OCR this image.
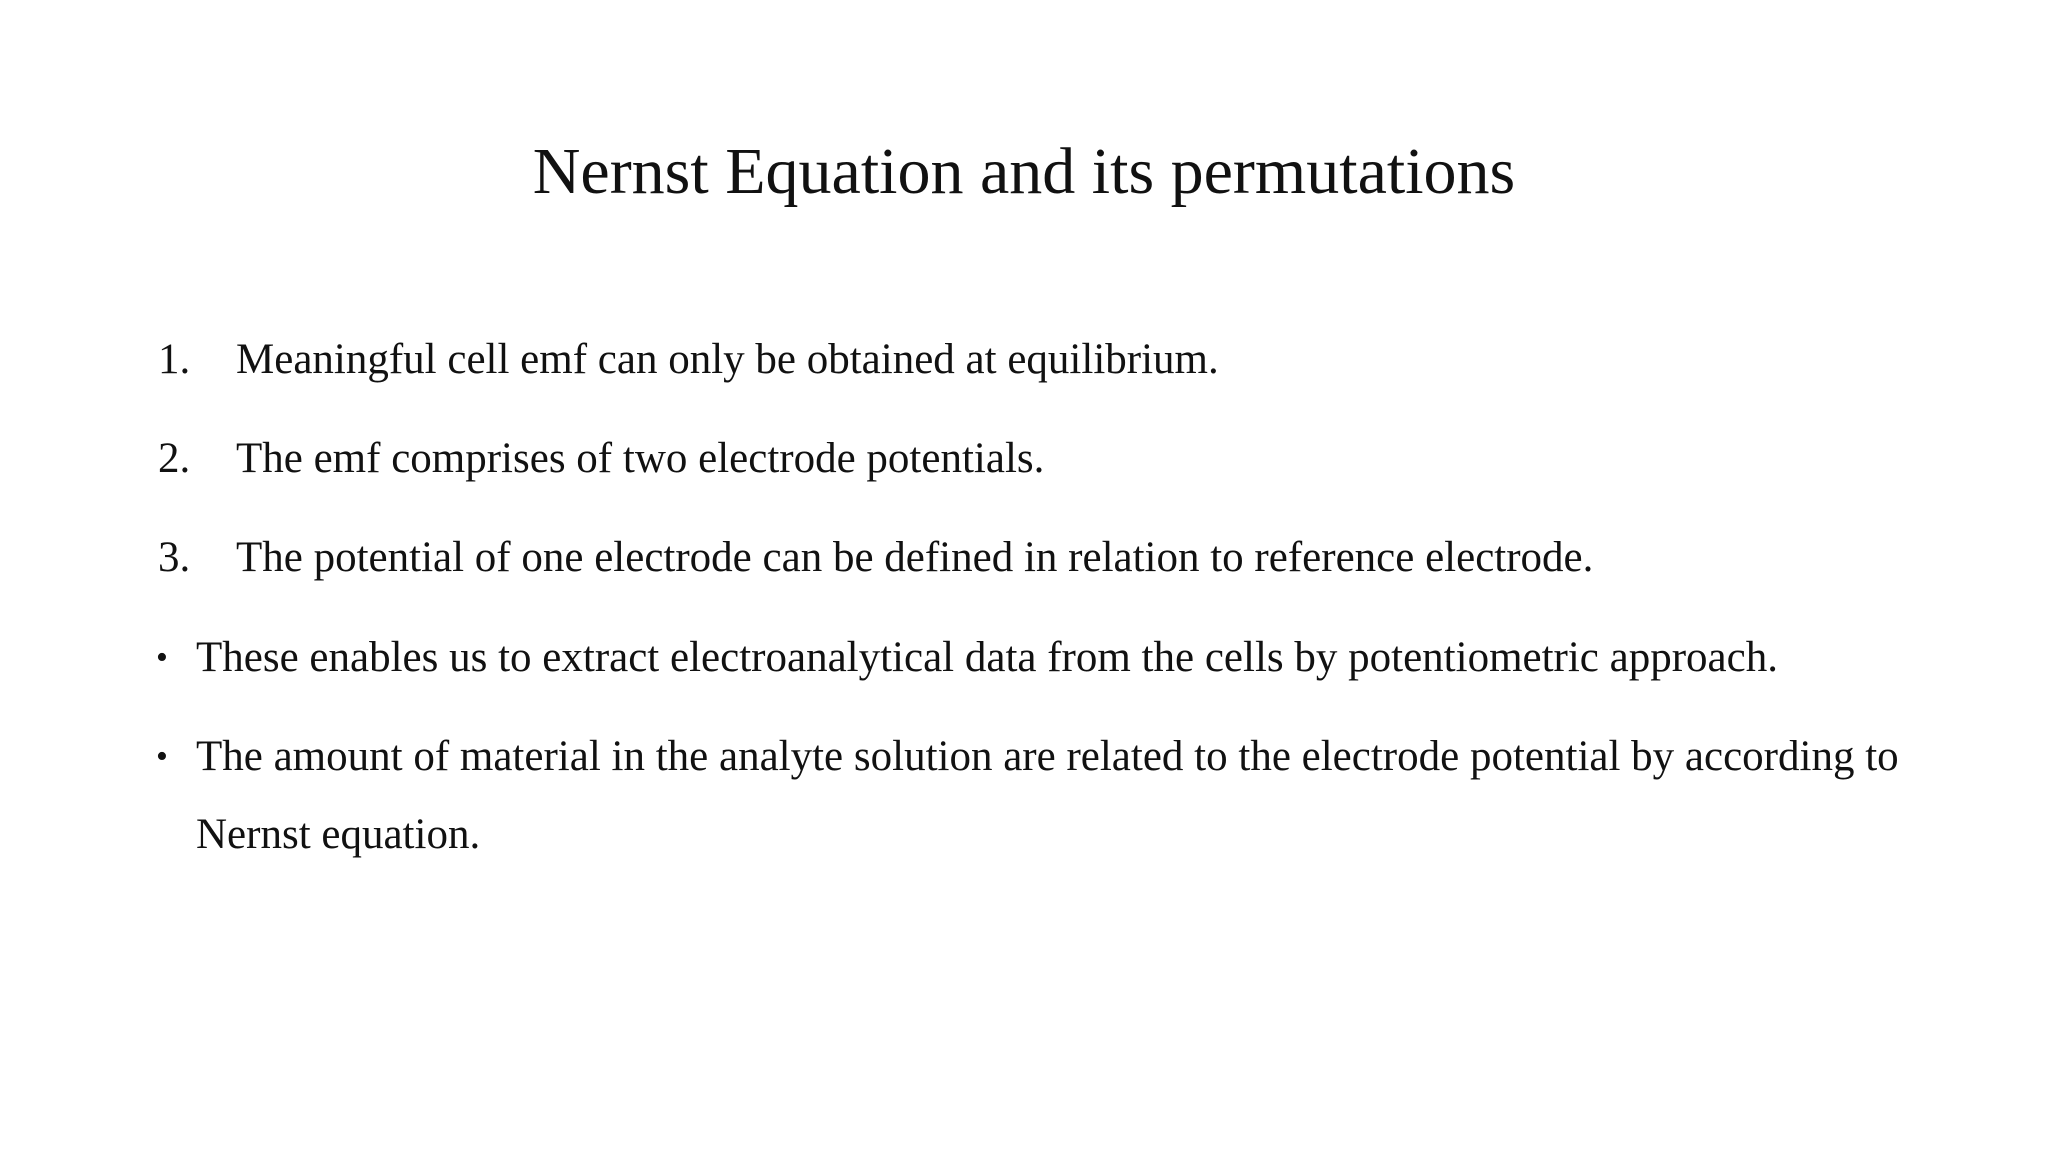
Nernst Equation and its permutations
1. Meaningful cell emf can only be obtained at equilibrium.
2. The emf comprises of two electrode potentials.
3. The potential of one electrode can be defined in relation to reference electrode.
• These enables us to extract electroanalytical data from the cells by potentiometric approach.
• The amount of material in the analyte solution are related to the electrode potential by according to
Nernst equation.
